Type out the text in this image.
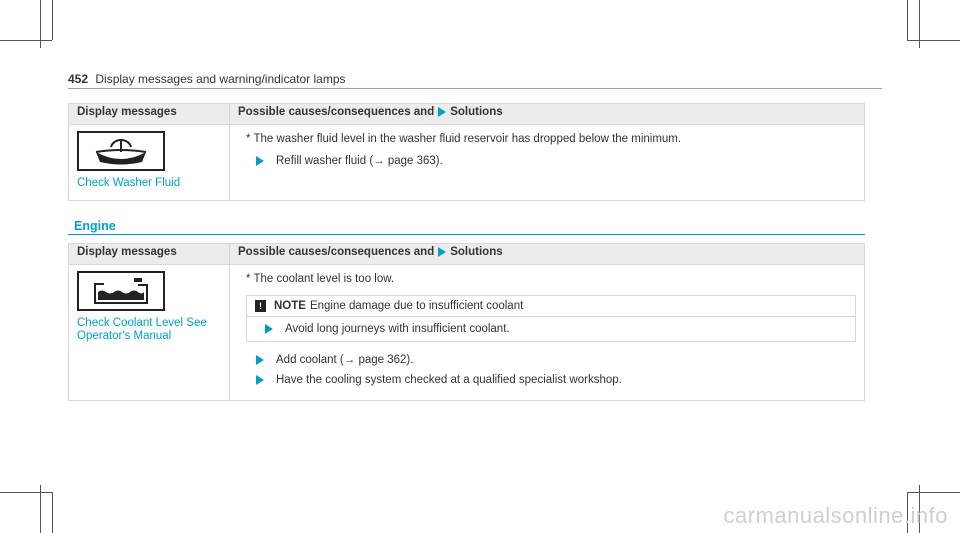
452 Display messages and warning/indicator lamps
Display messages	Possible causes/consequences and Solutions

Check Washer Fluid	* The washer fluid level in the washer fluid reservoir has dropped below the minimum.
Refill washer fluid (→ page 363).
Engine
Display messages	Possible causes/consequences and Solutions

Check Coolant Level See Operator's Manual	* The coolant level is too low.
! NOTE Engine damage due to insufficient coolant
Avoid long journeys with insufficient coolant.
Add coolant (→ page 362).
Have the cooling system checked at a qualified specialist workshop.
carmanualsonline.info
